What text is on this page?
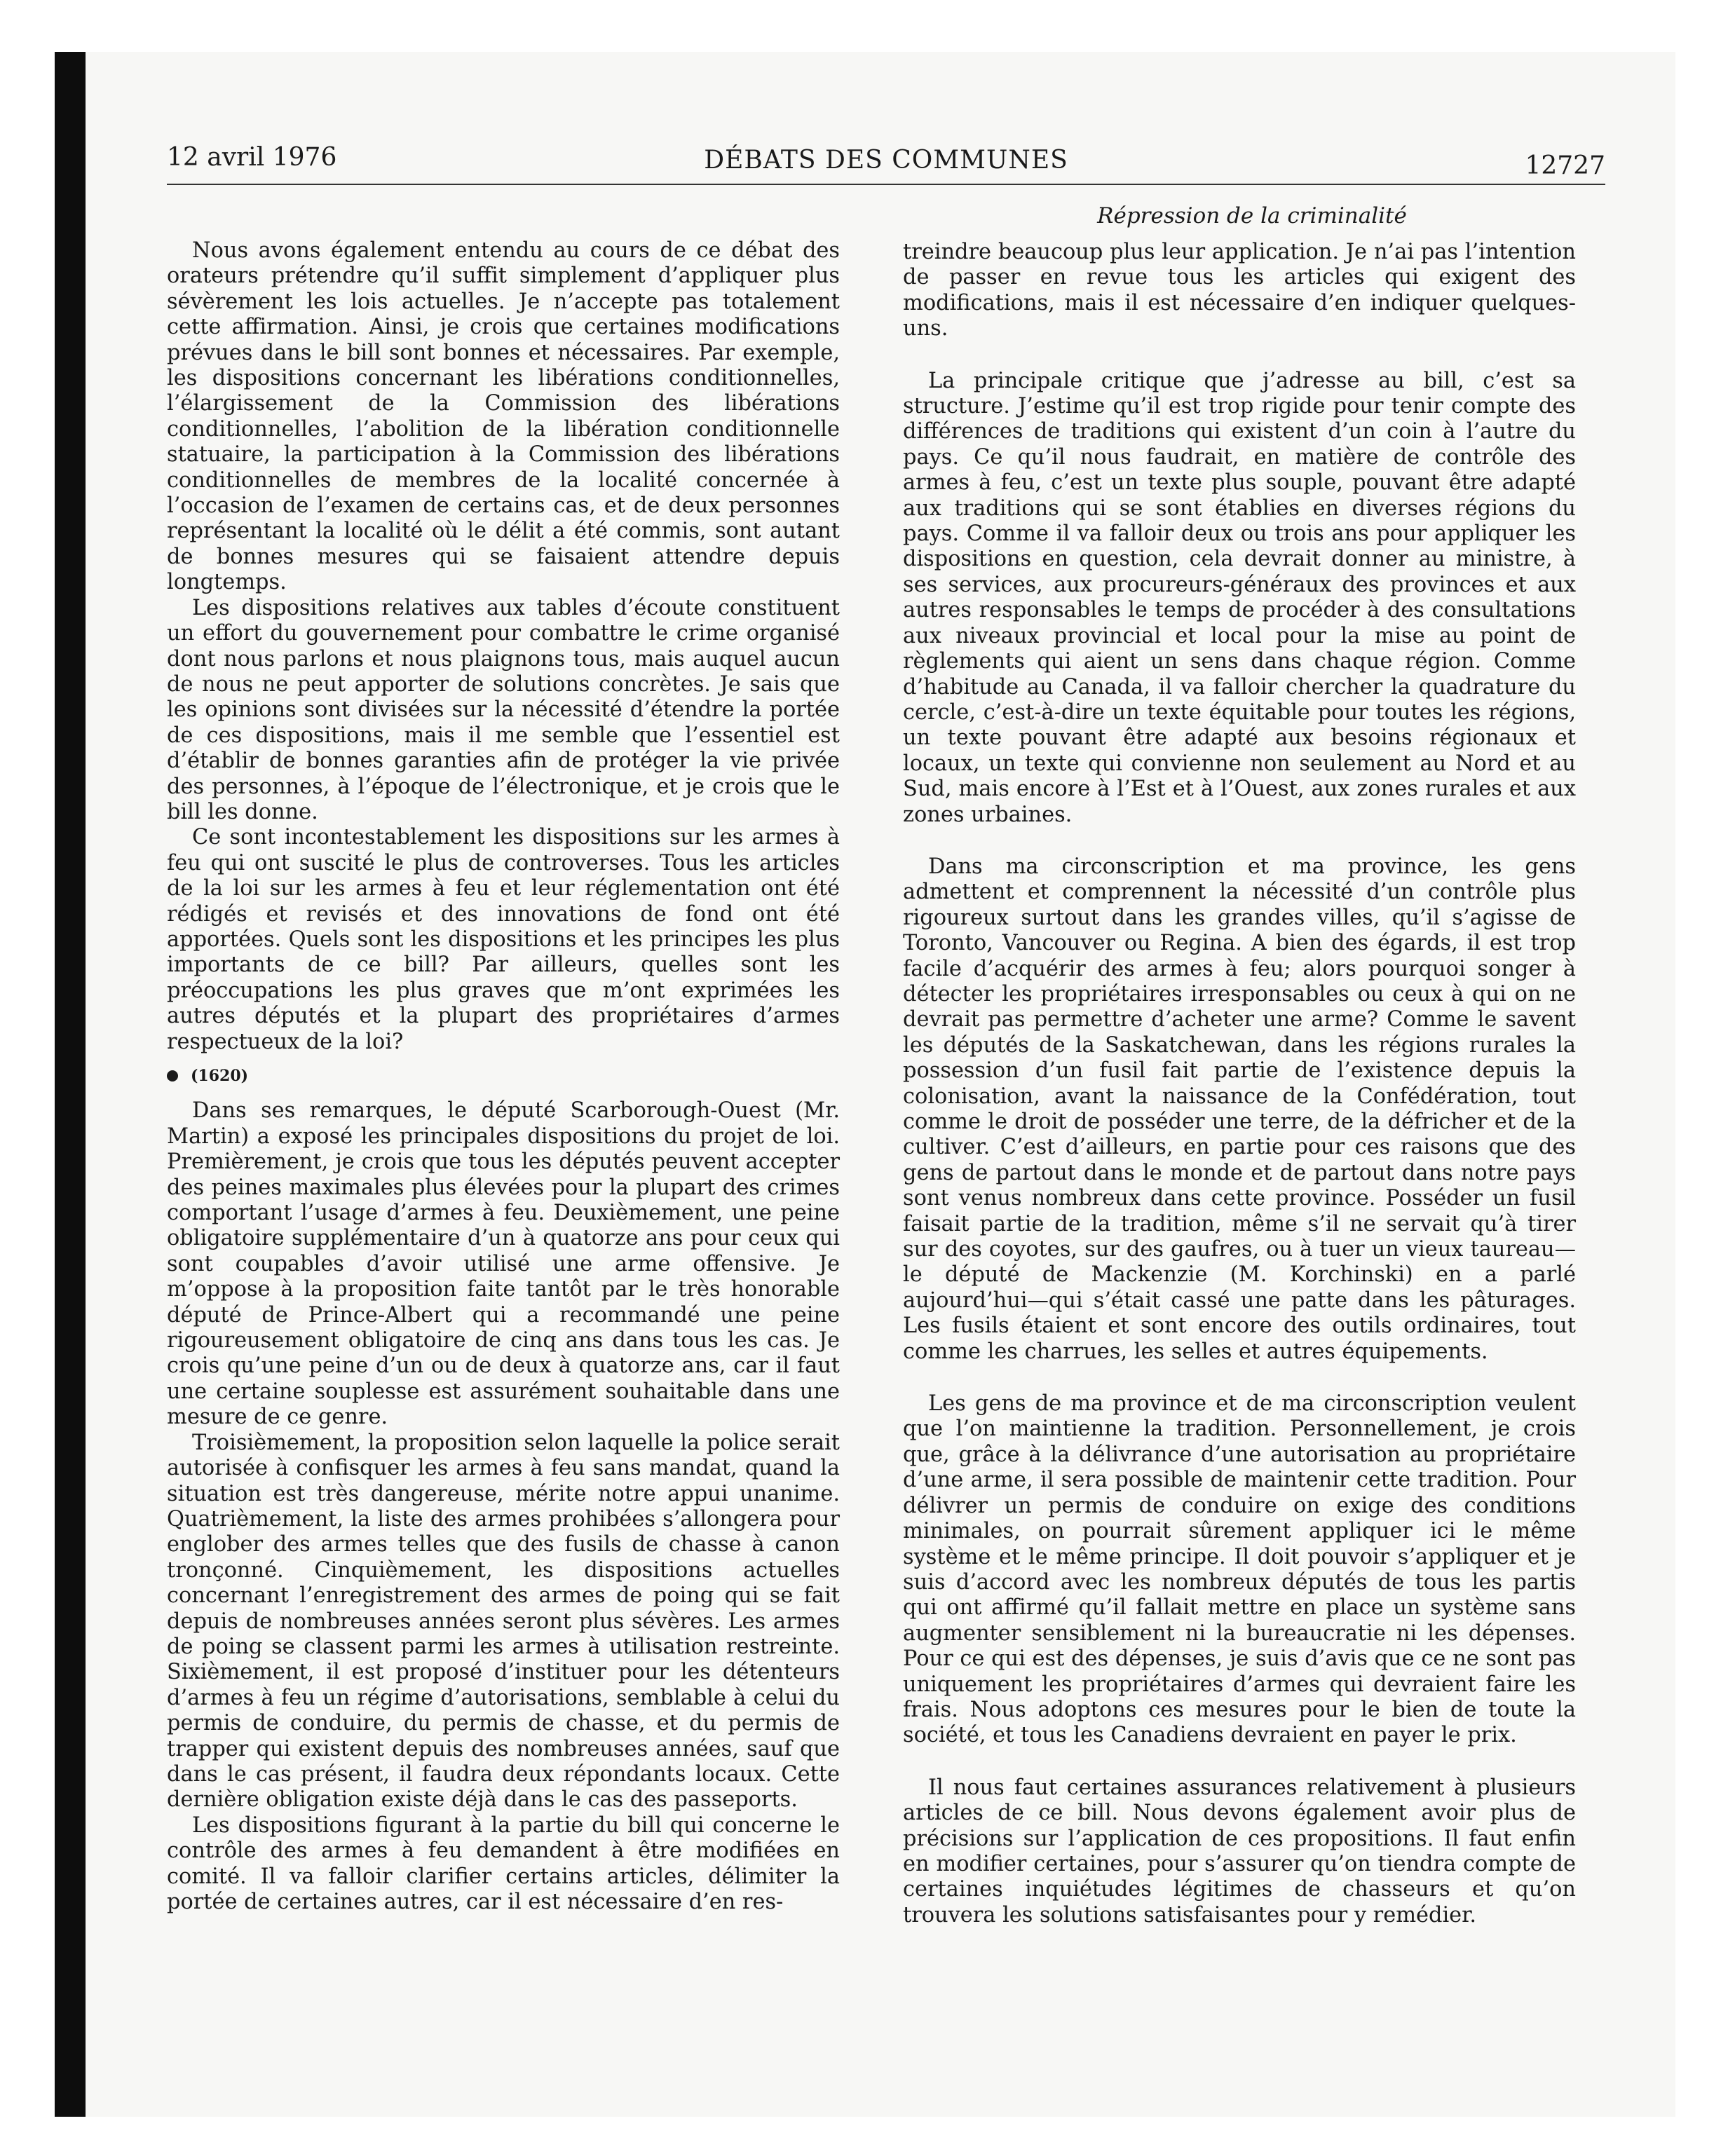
12 avril 1976	DÉBATS DES COMMUNES	12727
Répression de la criminalité

Nous avons également entendu au cours de ce débat des orateurs prétendre qu’il suffit simplement d’appliquer plus sévèrement les lois actuelles. Je n’accepte pas totalement cette affirmation. Ainsi, je crois que certaines modifications prévues dans le bill sont bonnes et nécessaires. Par exemple, les dispositions concernant les libérations conditionnelles, l’élargissement de la Commission des libérations conditionnelles, l’abolition de la libération conditionnelle statuaire, la participation à la Commission des libérations conditionnelles de membres de la localité concernée à l’occasion de l’examen de certains cas, et de deux personnes représentant la localité où le délit a été commis, sont autant de bonnes mesures qui se faisaient attendre depuis longtemps.

Les dispositions relatives aux tables d’écoute constituent un effort du gouvernement pour combattre le crime organisé dont nous parlons et nous plaignons tous, mais auquel aucun de nous ne peut apporter de solutions concrètes. Je sais que les opinions sont divisées sur la nécessité d’étendre la portée de ces dispositions, mais il me semble que l’essentiel est d’établir de bonnes garanties afin de protéger la vie privée des personnes, à l’époque de l’électronique, et je crois que le bill les donne.

Ce sont incontestablement les dispositions sur les armes à feu qui ont suscité le plus de controverses. Tous les articles de la loi sur les armes à feu et leur réglementation ont été rédigés et revisés et des innovations de fond ont été apportées. Quels sont les dispositions et les principes les plus importants de ce bill? Par ailleurs, quelles sont les préoccupations les plus graves que m’ont exprimées les autres députés et la plupart des propriétaires d’armes respectueux de la loi?

(1620)

Dans ses remarques, le député Scarborough-Ouest (Mr. Martin) a exposé les principales dispositions du projet de loi. Premièrement, je crois que tous les députés peuvent accepter des peines maximales plus élevées pour la plupart des crimes comportant l’usage d’armes à feu. Deuxièmement, une peine obligatoire supplémentaire d’un à quatorze ans pour ceux qui sont coupables d’avoir utilisé une arme offensive. Je m’oppose à la proposition faite tantôt par le très honorable député de Prince-Albert qui a recommandé une peine rigoureusement obligatoire de cinq ans dans tous les cas. Je crois qu’une peine d’un ou de deux à quatorze ans, car il faut une certaine souplesse est assurément souhaitable dans une mesure de ce genre.

Troisièmement, la proposition selon laquelle la police serait autorisée à confisquer les armes à feu sans mandat, quand la situation est très dangereuse, mérite notre appui unanime. Quatrièmement, la liste des armes prohibées s’allongera pour englober des armes telles que des fusils de chasse à canon tronçonné. Cinquièmement, les dispositions actuelles concernant l’enregistrement des armes de poing qui se fait depuis de nombreuses années seront plus sévères. Les armes de poing se classent parmi les armes à utilisation restreinte. Sixièmement, il est proposé d’instituer pour les détenteurs d’armes à feu un régime d’autorisations, semblable à celui du permis de conduire, du permis de chasse, et du permis de trapper qui existent depuis des nombreuses années, sauf que dans le cas présent, il faudra deux répondants locaux. Cette dernière obligation existe déjà dans le cas des passeports.

Les dispositions figurant à la partie du bill qui concerne le contrôle des armes à feu demandent à être modifiées en comité. Il va falloir clarifier certains articles, délimiter la portée de certaines autres, car il est nécessaire d’en res-

treindre beaucoup plus leur application. Je n’ai pas l’intention de passer en revue tous les articles qui exigent des modifications, mais il est nécessaire d’en indiquer quelques-uns.

La principale critique que j’adresse au bill, c’est sa structure. J’estime qu’il est trop rigide pour tenir compte des différences de traditions qui existent d’un coin à l’autre du pays. Ce qu’il nous faudrait, en matière de contrôle des armes à feu, c’est un texte plus souple, pouvant être adapté aux traditions qui se sont établies en diverses régions du pays. Comme il va falloir deux ou trois ans pour appliquer les dispositions en question, cela devrait donner au ministre, à ses services, aux procureurs-généraux des provinces et aux autres responsables le temps de procéder à des consultations aux niveaux provincial et local pour la mise au point de règlements qui aient un sens dans chaque région. Comme d’habitude au Canada, il va falloir chercher la quadrature du cercle, c’est-à-dire un texte équitable pour toutes les régions, un texte pouvant être adapté aux besoins régionaux et locaux, un texte qui convienne non seulement au Nord et au Sud, mais encore à l’Est et à l’Ouest, aux zones rurales et aux zones urbaines.

Dans ma circonscription et ma province, les gens admettent et comprennent la nécessité d’un contrôle plus rigoureux surtout dans les grandes villes, qu’il s’agisse de Toronto, Vancouver ou Regina. A bien des égards, il est trop facile d’acquérir des armes à feu; alors pourquoi songer à détecter les propriétaires irresponsables ou ceux à qui on ne devrait pas permettre d’acheter une arme? Comme le savent les députés de la Saskatchewan, dans les régions rurales la possession d’un fusil fait partie de l’existence depuis la colonisation, avant la naissance de la Confédération, tout comme le droit de posséder une terre, de la défricher et de la cultiver. C’est d’ailleurs, en partie pour ces raisons que des gens de partout dans le monde et de partout dans notre pays sont venus nombreux dans cette province. Posséder un fusil faisait partie de la tradition, même s’il ne servait qu’à tirer sur des coyotes, sur des gaufres, ou à tuer un vieux taureau—le député de Mackenzie (M. Korchinski) en a parlé aujourd’hui—qui s’était cassé une patte dans les pâturages. Les fusils étaient et sont encore des outils ordinaires, tout comme les charrues, les selles et autres équipements.

Les gens de ma province et de ma circonscription veulent que l’on maintienne la tradition. Personnellement, je crois que, grâce à la délivrance d’une autorisation au propriétaire d’une arme, il sera possible de maintenir cette tradition. Pour délivrer un permis de conduire on exige des conditions minimales, on pourrait sûrement appliquer ici le même système et le même principe. Il doit pouvoir s’appliquer et je suis d’accord avec les nombreux députés de tous les partis qui ont affirmé qu’il fallait mettre en place un système sans augmenter sensiblement ni la bureaucratie ni les dépenses. Pour ce qui est des dépenses, je suis d’avis que ce ne sont pas uniquement les propriétaires d’armes qui devraient faire les frais. Nous adoptons ces mesures pour le bien de toute la société, et tous les Canadiens devraient en payer le prix.

Il nous faut certaines assurances relativement à plusieurs articles de ce bill. Nous devons également avoir plus de précisions sur l’application de ces propositions. Il faut enfin en modifier certaines, pour s’assurer qu’on tiendra compte de certaines inquiétudes légitimes de chasseurs et qu’on trouvera les solutions satisfaisantes pour y remédier.
